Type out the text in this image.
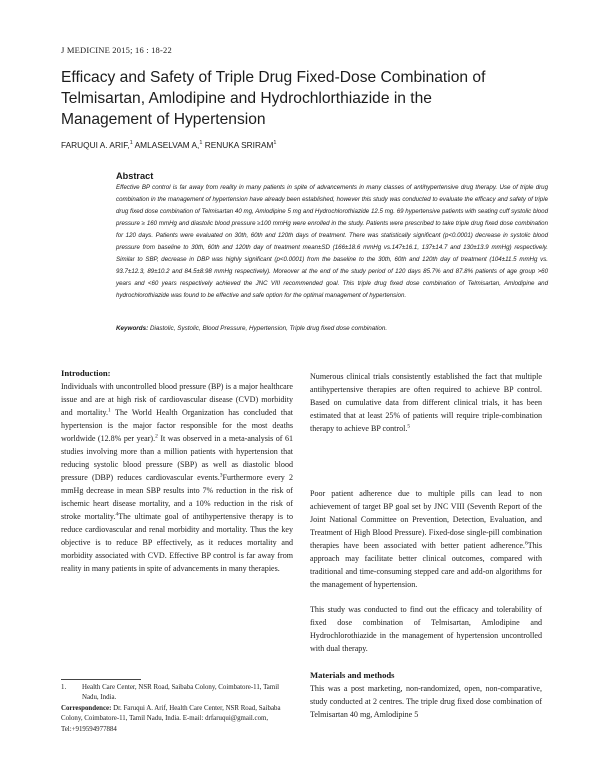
J MEDICINE 2015; 16 : 18-22
Efficacy and Safety of Triple Drug Fixed-Dose Combination of
Telmisartan, Amlodipine and Hydrochlorthiazide in the
Management of Hypertension
FARUQUI A. ARIF,$^1$ AMLASELVAM A,$^1$ RENUKA SRIRAM$^1$
Abstract

Effective BP control is far away from reality in many patients in spite of advancements in many classes of antihypertensive drug therapy. Use of triple drug combination in the management of hypertension have already been established, however this study was conducted to evaluate the efficacy and safety of triple drug fixed dose combination of Telmisartan 40 mg, Amlodipine 5 mg and Hydrochlorothiazide 12.5 mg. 69 hypertensive patients with seating cuff systolic blood pressure ≥ 160 mmHg and diastolic blood pressure ≥100 mmHg were enrolled in the study. Patients were prescribed to take triple drug fixed dose combination for 120 days. Patients were evaluated on 30th, 60th and 120th days of treatment. There was statistically significant (p<0.0001) decrease in systolic blood pressure from baseline to 30th, 60th and 120th day of treatment mean±SD (166±18.6 mmHg vs.147±16.1, 137±14.7 and 130±13.9 mmHg) respectively. Similar to SBP, decrease in DBP was highly significant (p<0.0001) from the baseline to the 30th, 60th and 120th day of treatment (104±11.5 mmHg vs. 93.7±12.3, 89±10.2 and 84.5±8.98 mmHg respectively). Moreover at the end of the study period of 120 days 85.7% and 87.8% patients of age group >60 years and <60 years respectively achieved the JNC VIII recommended goal. This triple drug fixed dose combination of Telmisartan, Amlodipine and hydrochlorothiazide was found to be effective and safe option for the optimal management of hypertension.

Keywords: Diastolic, Systolic, Blood Pressure, Hypertension, Triple drug fixed dose combination.
Introduction:

Individuals with uncontrolled blood pressure (BP) is a major healthcare issue and are at high risk of cardiovascular disease (CVD) morbidity and mortality.$^1$ The World Health Organization has concluded that hypertension is the major factor responsible for the most deaths worldwide (12.8% per year).$^2$ It was observed in a meta-analysis of 61 studies involving more than a million patients with hypertension that reducing systolic blood pressure (SBP) as well as diastolic blood pressure (DBP) reduces cardiovascular events.$^3$Furthermore every 2 mmHg decrease in mean SBP results into 7% reduction in the risk of ischemic heart disease mortality, and a 10% reduction in the risk of stroke mortality.$^4$The ultimate goal of antihypertensive therapy is to reduce cardiovascular and renal morbidity and mortality. Thus the key objective is to reduce BP effectively, as it reduces mortality and morbidity associated with CVD. Effective BP control is far away from reality in many patients in spite of advancements in many therapies.

Numerous clinical trials consistently established the fact that multiple antihypertensive therapies are often required to achieve BP control. Based on cumulative data from different clinical trials, it has been estimated that at least 25% of patients will require triple-combination therapy to achieve BP control.$^5$

Poor patient adherence due to multiple pills can lead to non achievement of target BP goal set by JNC VIII (Seventh Report of the Joint National Committee on Prevention, Detection, Evaluation, and Treatment of High Blood Pressure). Fixed-dose single-pill combination therapies have been associated with better patient adherence.$^6$This approach may facilitate better clinical outcomes, compared with traditional and time-consuming stepped care and add-on algorithms for the management of hypertension.

This study was conducted to find out the efficacy and tolerability of fixed dose combination of Telmisartan, Amlodipine and Hydrochlorothiazide in the management of hypertension uncontrolled with dual therapy.

Materials and methods

This was a post marketing, non-randomized, open, non-comparative, study conducted at 2 centres. The triple drug fixed dose combination of Telmisartan 40 mg, Amlodipine 5

1.	Health Care Center, NSR Road, Saibaba Colony, Coimbatore-11, Tamil Nadu, India.
Correspondence: Dr. Faruqui A. Arif, Health Care Center, NSR Road, Saibaba Colony, Coimbatore-11, Tamil Nadu, India. E-mail: drfaruqui@gmail.com, Tel:+919594977884
